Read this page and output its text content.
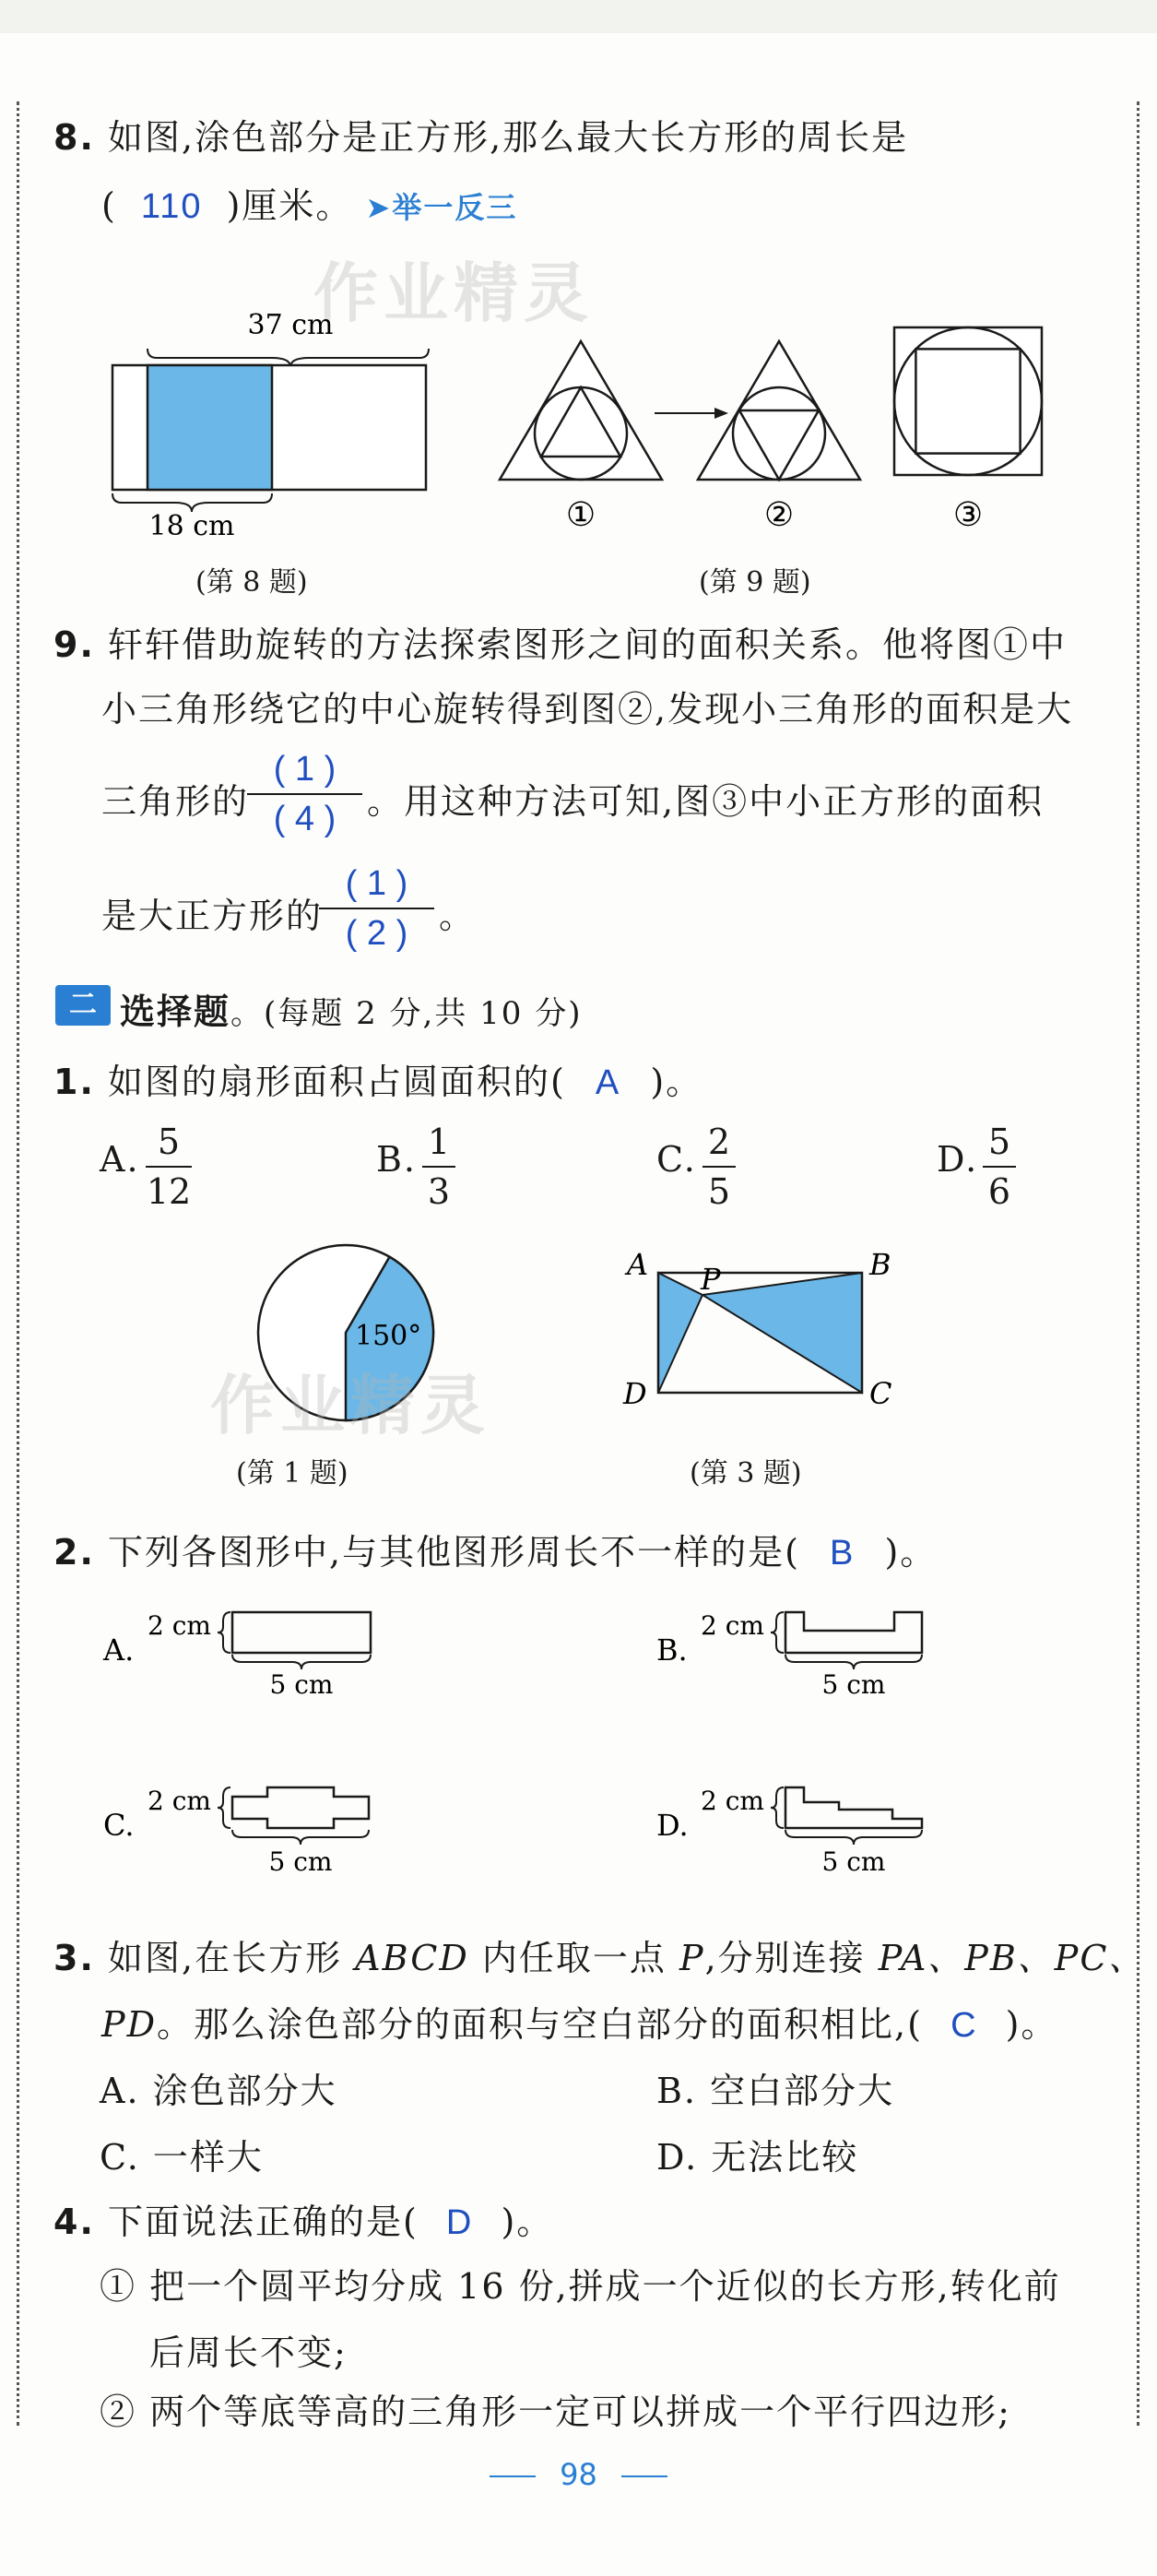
8. 如图,涂色部分是正方形,那么最大长方形的周长是
( 110 )厘米。 ➤举一反三
作业精灵
37 cm
18 cm	①	②	③
(第 8 题)	(第 9 题)
9. 轩轩借助旋转的方法探索图形之间的面积关系。他将图①中
小三角形绕它的中心旋转得到图②,发现小三角形的面积是大
三角形的
( 1 )
( 4 ) 。用这种方法可知,图③中小正方形的面积
是大正方形的
( 1 )
( 2 ) 。
二 选择题。(每题 2 分,共 10 分)
1. 如图的扇形面积占圆面积的( A )。
A. 5
12
B. 1
3
C. 2
5
D. 5
6
150°
A	B
C
D
P
作业精灵
(第 1 题)	(第 3 题)
2. 下列各图形中,与其他图形周长不一样的是( B )。
A.
2 cm
5 cm
B.
2 cm
5 cm
C.
2 cm
5 cm
D.
2 cm
5 cm
3. 如图,在长方形 ABCD 内任取一点 P,分别连接 PA、PB、PC、
PD。那么涂色部分的面积与空白部分的面积相比,( C )。
A. 涂色部分大	B. 空白部分大
C. 一样大	D. 无法比较
4. 下面说法正确的是( D )。
① 把一个圆平均分成 16 份,拼成一个近似的长方形,转化前
后周长不变;
② 两个等底等高的三角形一定可以拼成一个平行四边形;
98
